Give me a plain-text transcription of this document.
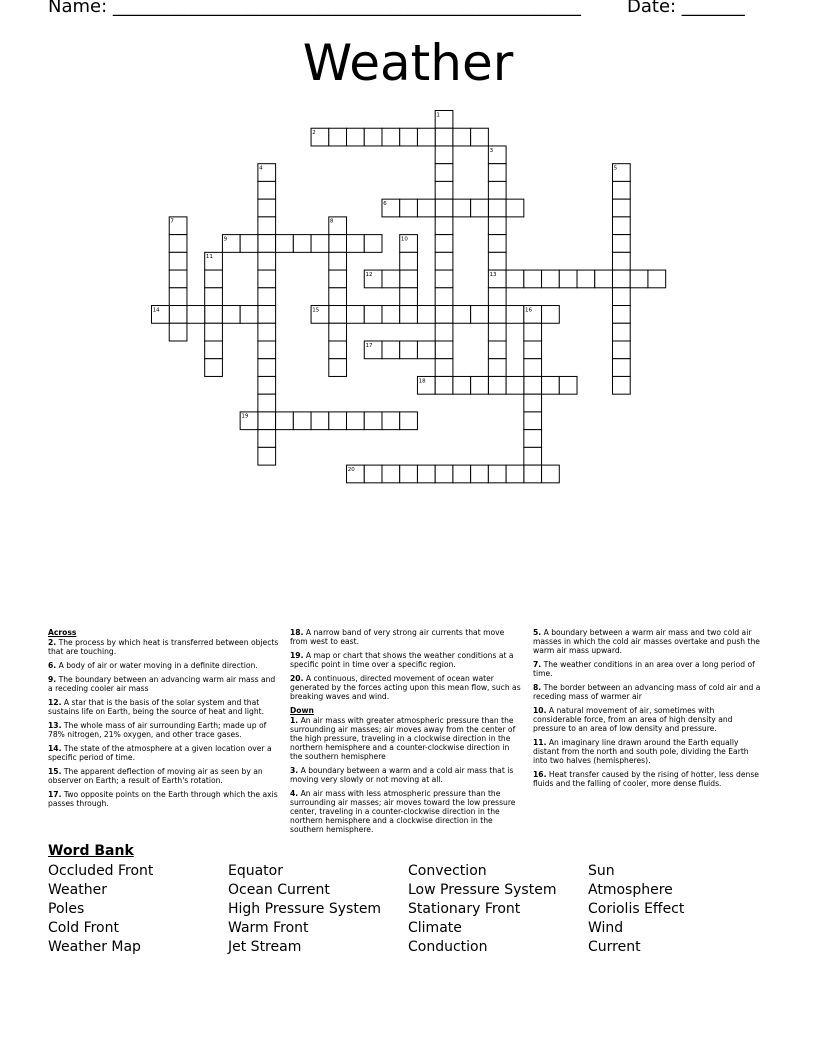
Name: ____________________________________________________	Date: _______
Weather
1
2
3
4	5
6
7	8
9	10
11
12	13
14	15	16
17
18
19
20

Across

2. The process by which heat is transferred between objects that are touching.

6. A body of air or water moving in a definite direction.

9. The boundary between an advancing warm air mass and a receding cooler air mass

12. A star that is the basis of the solar system and that sustains life on Earth, being the source of heat and light.

13. The whole mass of air surrounding Earth; made up of 78% nitrogen, 21% oxygen, and other trace gases.

14. The state of the atmosphere at a given location over a specific period of time.

15. The apparent deflection of moving air as seen by an observer on Earth; a result of Earth's rotation.

17. Two opposite points on the Earth through which the axis passes through.

18. A narrow band of very strong air currents that move from west to east.

19. A map or chart that shows the weather conditions at a specific point in time over a specific region.

20. A continuous, directed movement of ocean water generated by the forces acting upon this mean flow, such as breaking waves and wind.

Down

1. An air mass with greater atmospheric pressure than the surrounding air masses; air moves away from the center of the high pressure, traveling in a clockwise direction in the northern hemisphere and a counter-clockwise direction in the southern hemisphere

3. A boundary between a warm and a cold air mass that is moving very slowly or not moving at all.

4. An air mass with less atmospheric pressure than the surrounding air masses; air moves toward the low pressure center, traveling in a counter-clockwise direction in the northern hemisphere and a clockwise direction in the southern hemisphere.

5. A boundary between a warm air mass and two cold air masses in which the cold air masses overtake and push the warm air mass upward.

7. The weather conditions in an area over a long period of time.

8. The border between an advancing mass of cold air and a receding mass of warmer air

10. A natural movement of air, sometimes with considerable force, from an area of high density and pressure to an area of low density and pressure.

11. An imaginary line drawn around the Earth equally distant from the north and south pole, dividing the Earth into two halves (hemispheres).

16. Heat transfer caused by the rising of hotter, less dense fluids and the falling of cooler, more dense fluids.

Word Bank
Occluded Front
Weather
Poles
Cold Front
Weather Map
Equator
Ocean Current
High Pressure System
Warm Front
Jet Stream
Convection
Low Pressure System
Stationary Front
Climate
Conduction
Sun
Atmosphere
Coriolis Effect
Wind
Current
